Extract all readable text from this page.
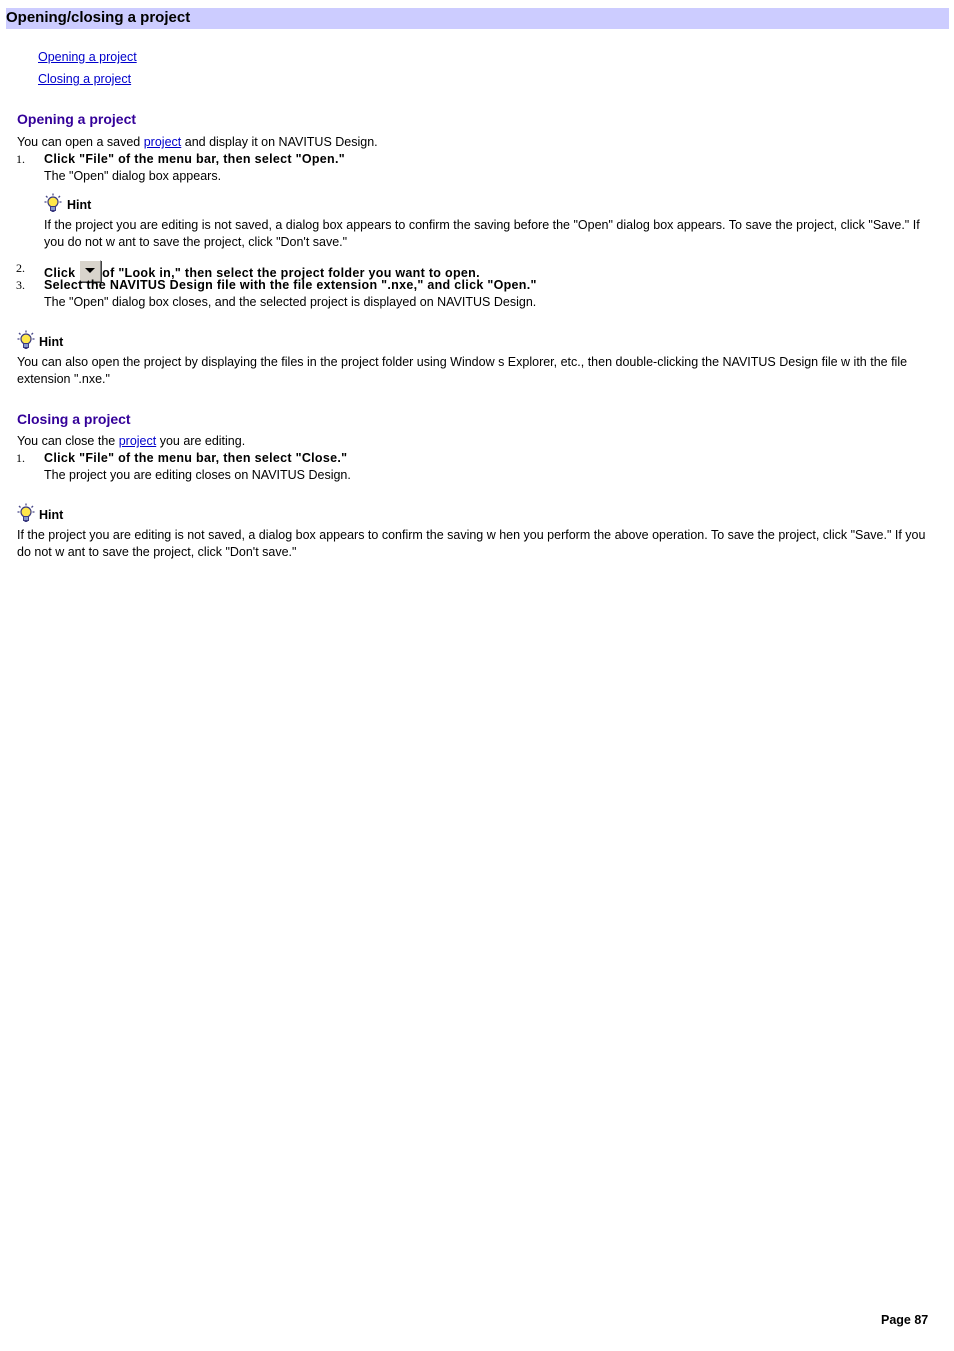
Opening/closing a project
Opening a project
Closing a project
Opening a project
You can open a saved project and display it on NAVITUS Design.
1. Click "File" of the menu bar, then select "Open."
The "Open" dialog box appears.
Hint
If the project you are editing is not saved, a dialog box appears to confirm the saving before the "Open" dialog box appears. To save the project, click "Save." If you do not w ant to save the project, click "Don't save."
2. Click of "Look in," then select the project folder you want to open.
3. Select the NAVITUS Design file with the file extension ".nxe," and click "Open."
The "Open" dialog box closes, and the selected project is displayed on NAVITUS Design.
Hint
You can also open the project by displaying the files in the project folder using Window s Explorer, etc., then double-clicking the NAVITUS Design file w ith the file extension ".nxe."
Closing a project
You can close the project you are editing.
1. Click "File" of the menu bar, then select "Close."
The project you are editing closes on NAVITUS Design.
Hint
If the project you are editing is not saved, a dialog box appears to confirm the saving w hen you perform the above operation. To save the project, click "Save." If you do not w ant to save the project, click "Don't save."
Page 87
